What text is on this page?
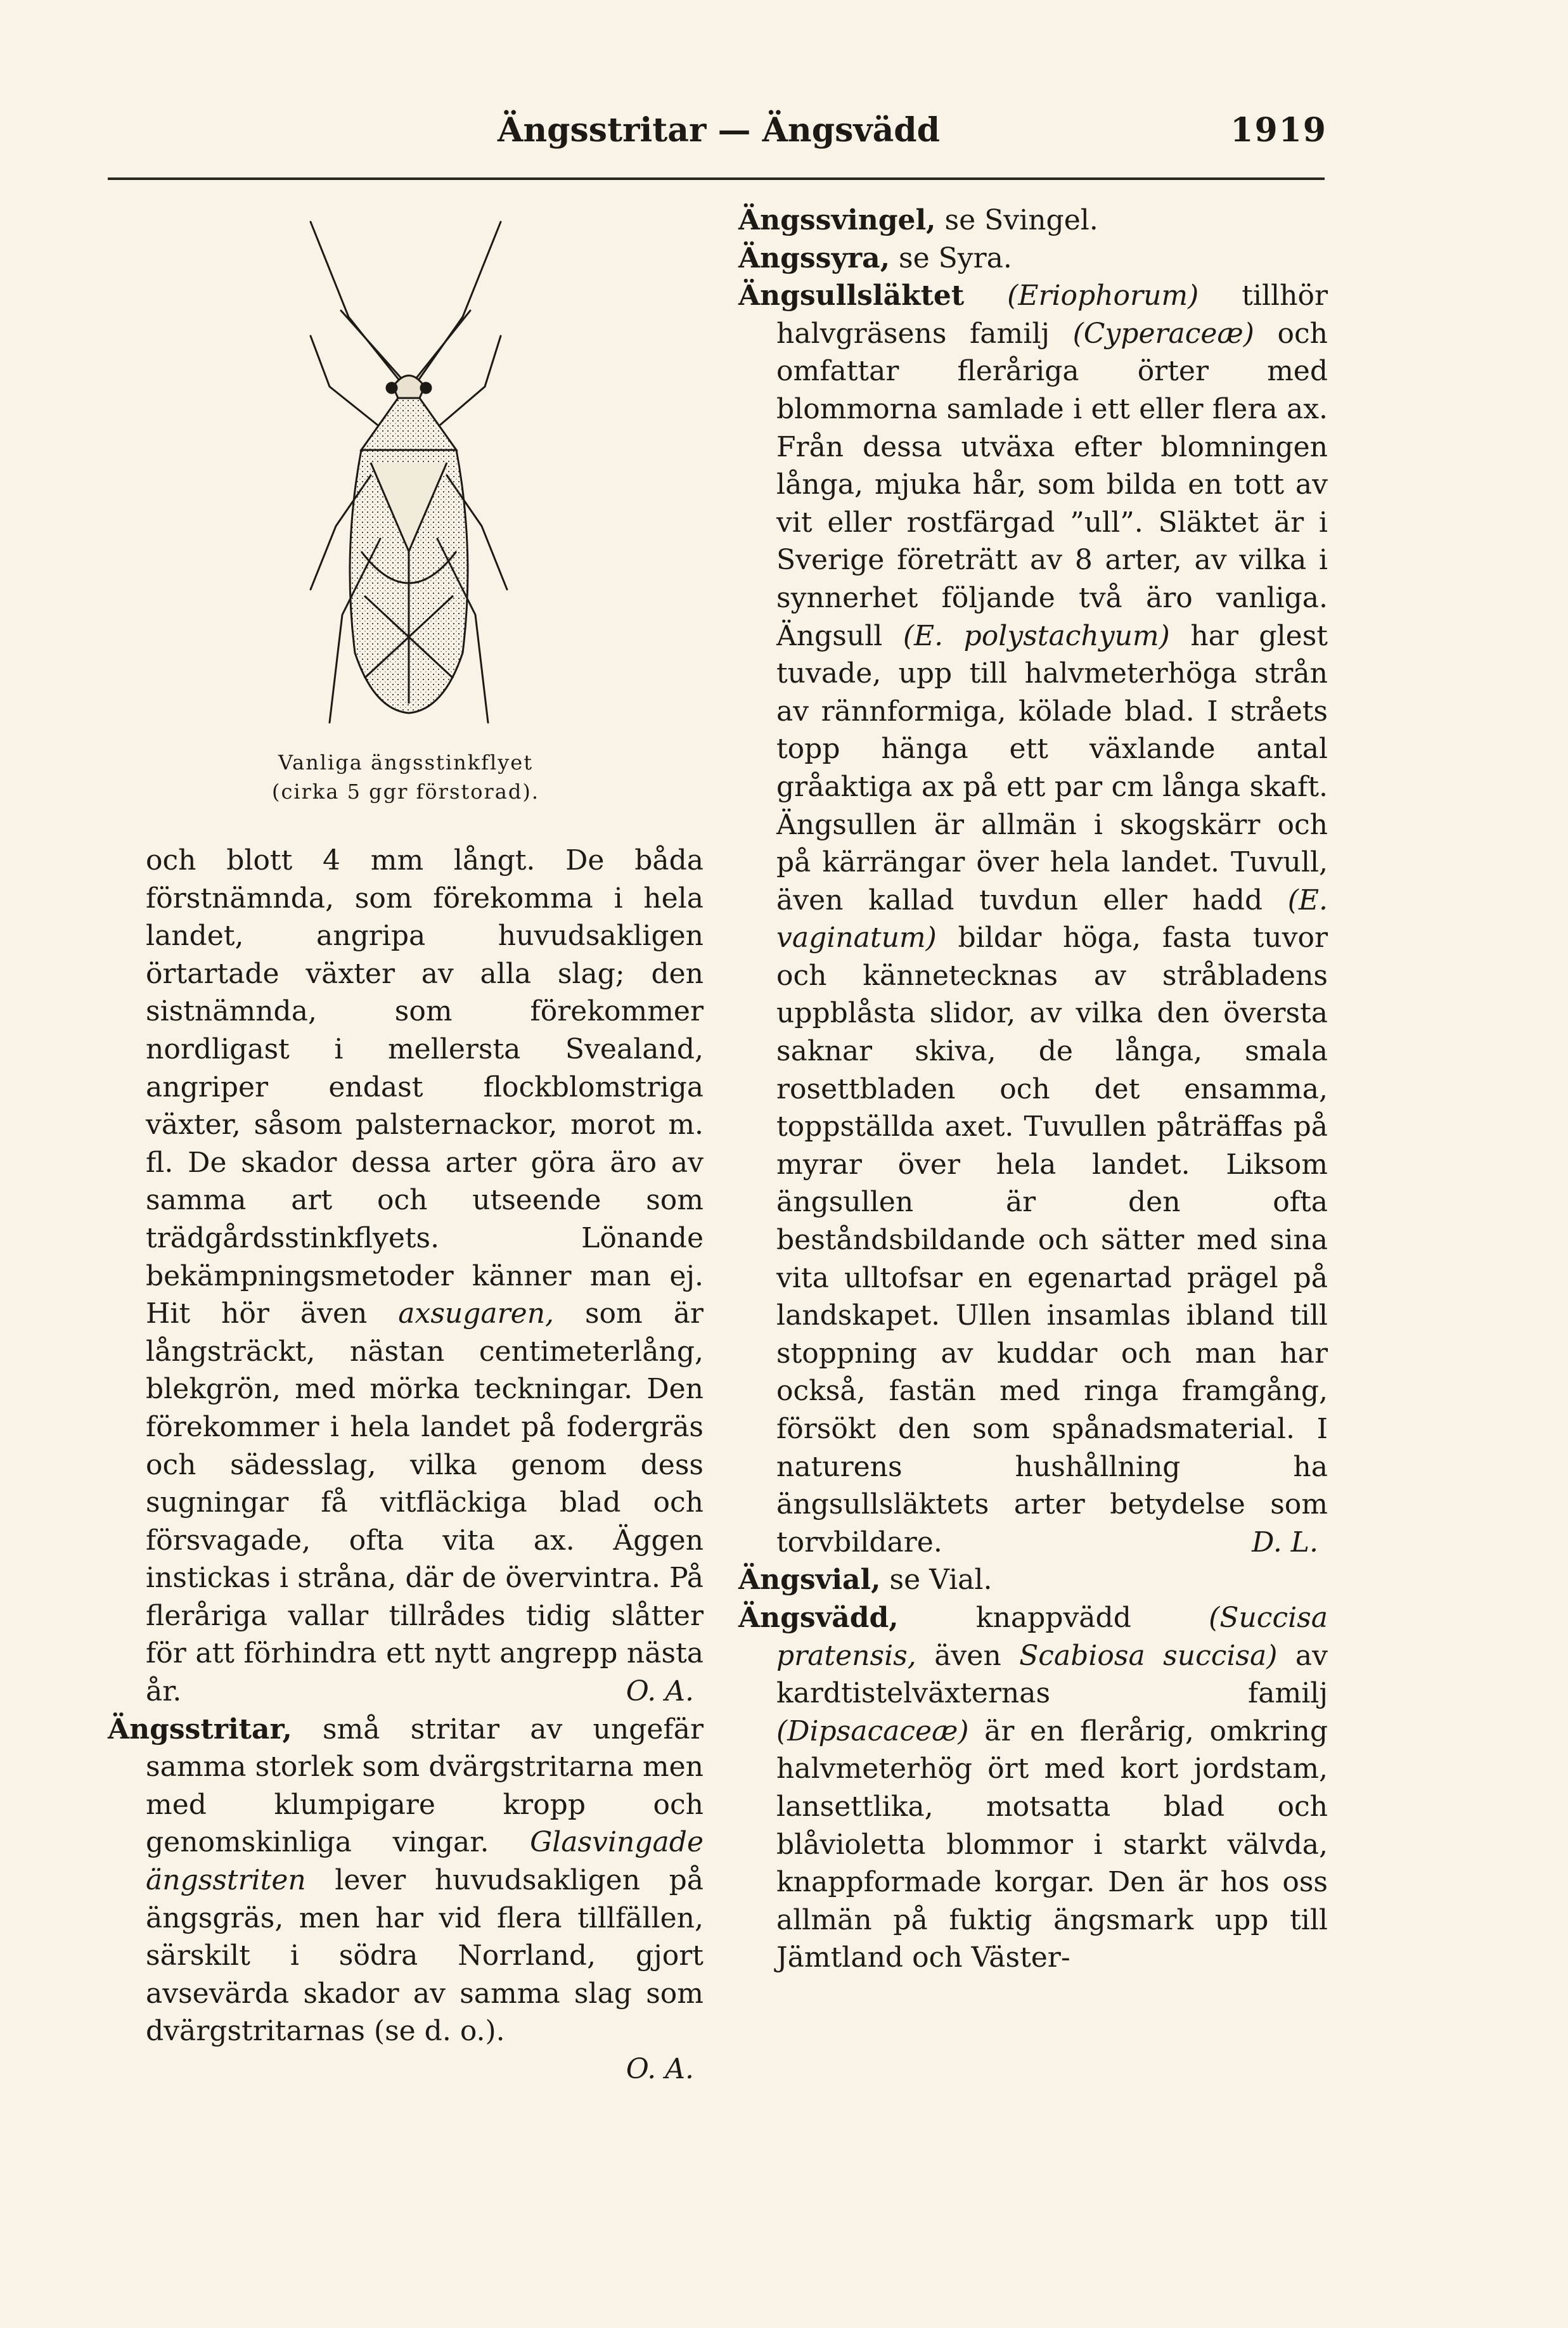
Ängsstritar — Ängsvädd	1919
Vanliga ängsstinkflyet
(cirka 5 ggr förstorad).

och blott 4 mm långt. De båda förstnämnda, som förekomma i hela landet, angripa huvudsakligen örtartade växter av alla slag; den sistnämnda, som förekommer nordligast i mellersta Svealand, angriper endast flockblomstriga växter, såsom palsternackor, morot m. fl. De skador dessa arter göra äro av samma art och utseende som trädgårdsstinkflyets. Lönande bekämpningsmetoder känner man ej. Hit hör även axsugaren, som är långsträckt, nästan centimeterlång, blekgrön, med mörka teckningar. Den förekommer i hela landet på fodergräs och sädesslag, vilka genom dess sugningar få vitfläckiga blad och försvagade, ofta vita ax. Äggen instickas i stråna, där de övervintra. På fleråriga vallar tillrådes tidig slåtter för att förhindra ett nytt angrepp nästa år.	O. A.

Ängsstritar, små stritar av ungefär samma storlek som dvärgstritarna men med klumpigare kropp och genomskinliga vingar. Glasvingade ängsstriten lever huvudsakligen på ängsgräs, men har vid flera tillfällen, särskilt i södra Norrland, gjort avsevärda skador av samma slag som dvärgstritarnas (se d. o.).

O. A.

Ängssvingel, se Svingel.

Ängssyra, se Syra.

Ängsullsläktet (Eriophorum) tillhör halvgräsens familj (Cyperaceæ) och omfattar fleråriga örter med blommorna samlade i ett eller flera ax. Från dessa utväxa efter blomningen långa, mjuka hår, som bilda en tott av vit eller rostfärgad ”ull”. Släktet är i Sverige företrätt av 8 arter, av vilka i synnerhet följande två äro vanliga. Ängsull (E. polystachyum) har glest tuvade, upp till halvmeterhöga strån av rännformiga, kölade blad. I stråets topp hänga ett växlande antal gråaktiga ax på ett par cm långa skaft. Ängsullen är allmän i skogskärr och på kärrängar över hela landet. Tuvull, även kallad tuvdun eller hadd (E. vaginatum) bildar höga, fasta tuvor och kännetecknas av stråbladens uppblåsta slidor, av vilka den översta saknar skiva, de långa, smala rosettbladen och det ensamma, toppställda axet. Tuvullen påträffas på myrar över hela landet. Liksom ängsullen är den ofta beståndsbildande och sätter med sina vita ulltofsar en egenartad prägel på landskapet. Ullen insamlas ibland till stoppning av kuddar och man har också, fastän med ringa framgång, försökt den som spånadsmaterial. I naturens hushållning ha ängsullsläktets arter betydelse som torvbildare.	D. L.

Ängsvial, se Vial.

Ängsvädd,	knappvädd	(Succisa pratensis, även Scabiosa succisa) av kardtistelväxternas familj (Dipsacaceæ) är en flerårig, omkring halvmeterhög ört med kort jordstam, lansettlika, motsatta blad och blåvioletta blommor i starkt välvda, knappformade korgar. Den är hos oss allmän på fuktig ängsmark upp till Jämtland och Väster-
